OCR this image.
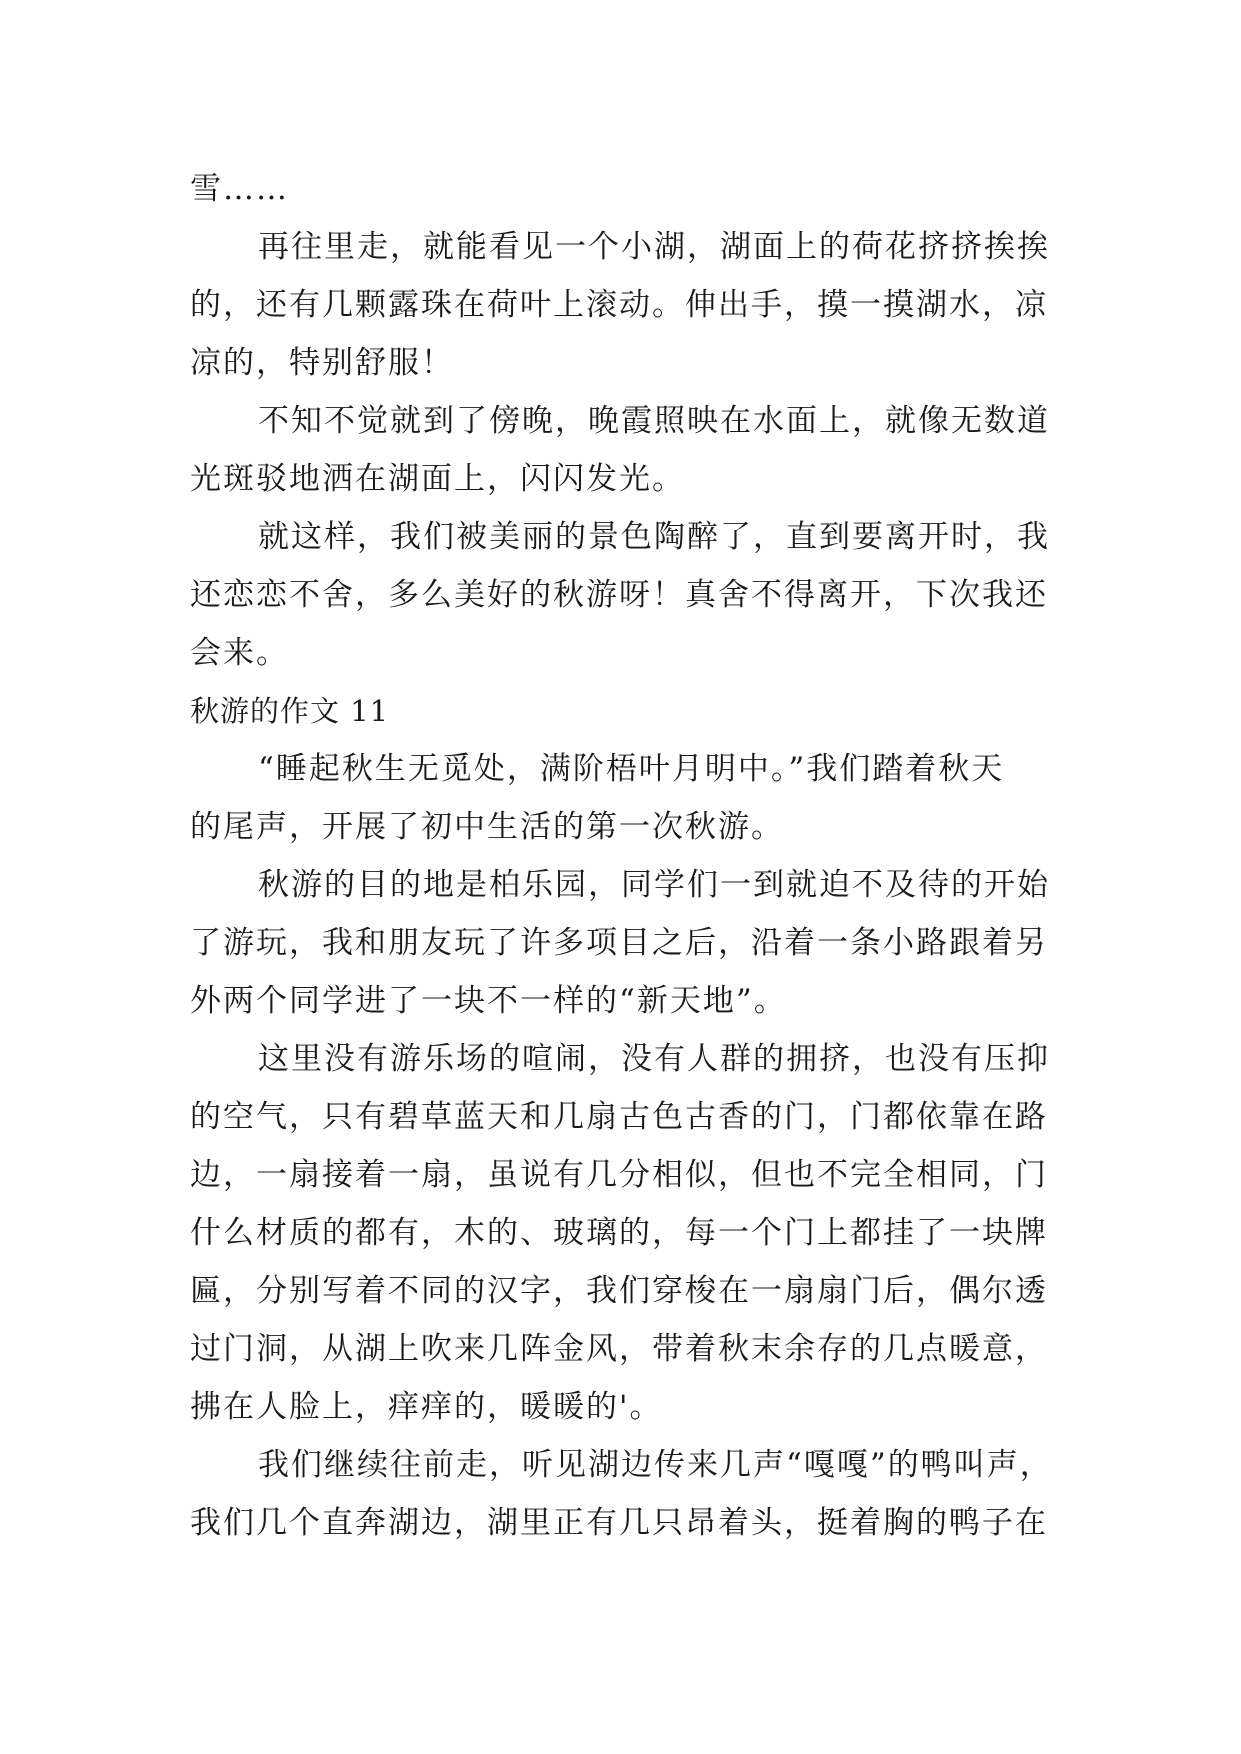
雪……
再往里走，就能看见一个小湖，湖面上的荷花挤挤挨挨
的，还有几颗露珠在荷叶上滚动。伸出手，摸一摸湖水，凉
凉的，特别舒服！
不知不觉就到了傍晚，晚霞照映在水面上，就像无数道
光斑驳地洒在湖面上，闪闪发光。
就这样，我们被美丽的景色陶醉了，直到要离开时，我
还恋恋不舍，多么美好的秋游呀！真舍不得离开，下次我还
会来。
秋游的作文 11
“睡起秋生无觅处，满阶梧叶月明中。”我们踏着秋天
的尾声，开展了初中生活的第一次秋游。
秋游的目的地是柏乐园，同学们一到就迫不及待的开始
了游玩，我和朋友玩了许多项目之后，沿着一条小路跟着另
外两个同学进了一块不一样的“新天地”。
这里没有游乐场的喧闹，没有人群的拥挤，也没有压抑
的空气，只有碧草蓝天和几扇古色古香的门，门都依靠在路
边，一扇接着一扇，虽说有几分相似，但也不完全相同，门
什么材质的都有，木的、玻璃的，每一个门上都挂了一块牌
匾，分别写着不同的汉字，我们穿梭在一扇扇门后，偶尔透
过门洞，从湖上吹来几阵金风，带着秋末余存的几点暖意，
拂在人脸上，痒痒的，暖暖的'。
我们继续往前走，听见湖边传来几声“嘎嘎”的鸭叫声，
我们几个直奔湖边，湖里正有几只昂着头，挺着胸的鸭子在
